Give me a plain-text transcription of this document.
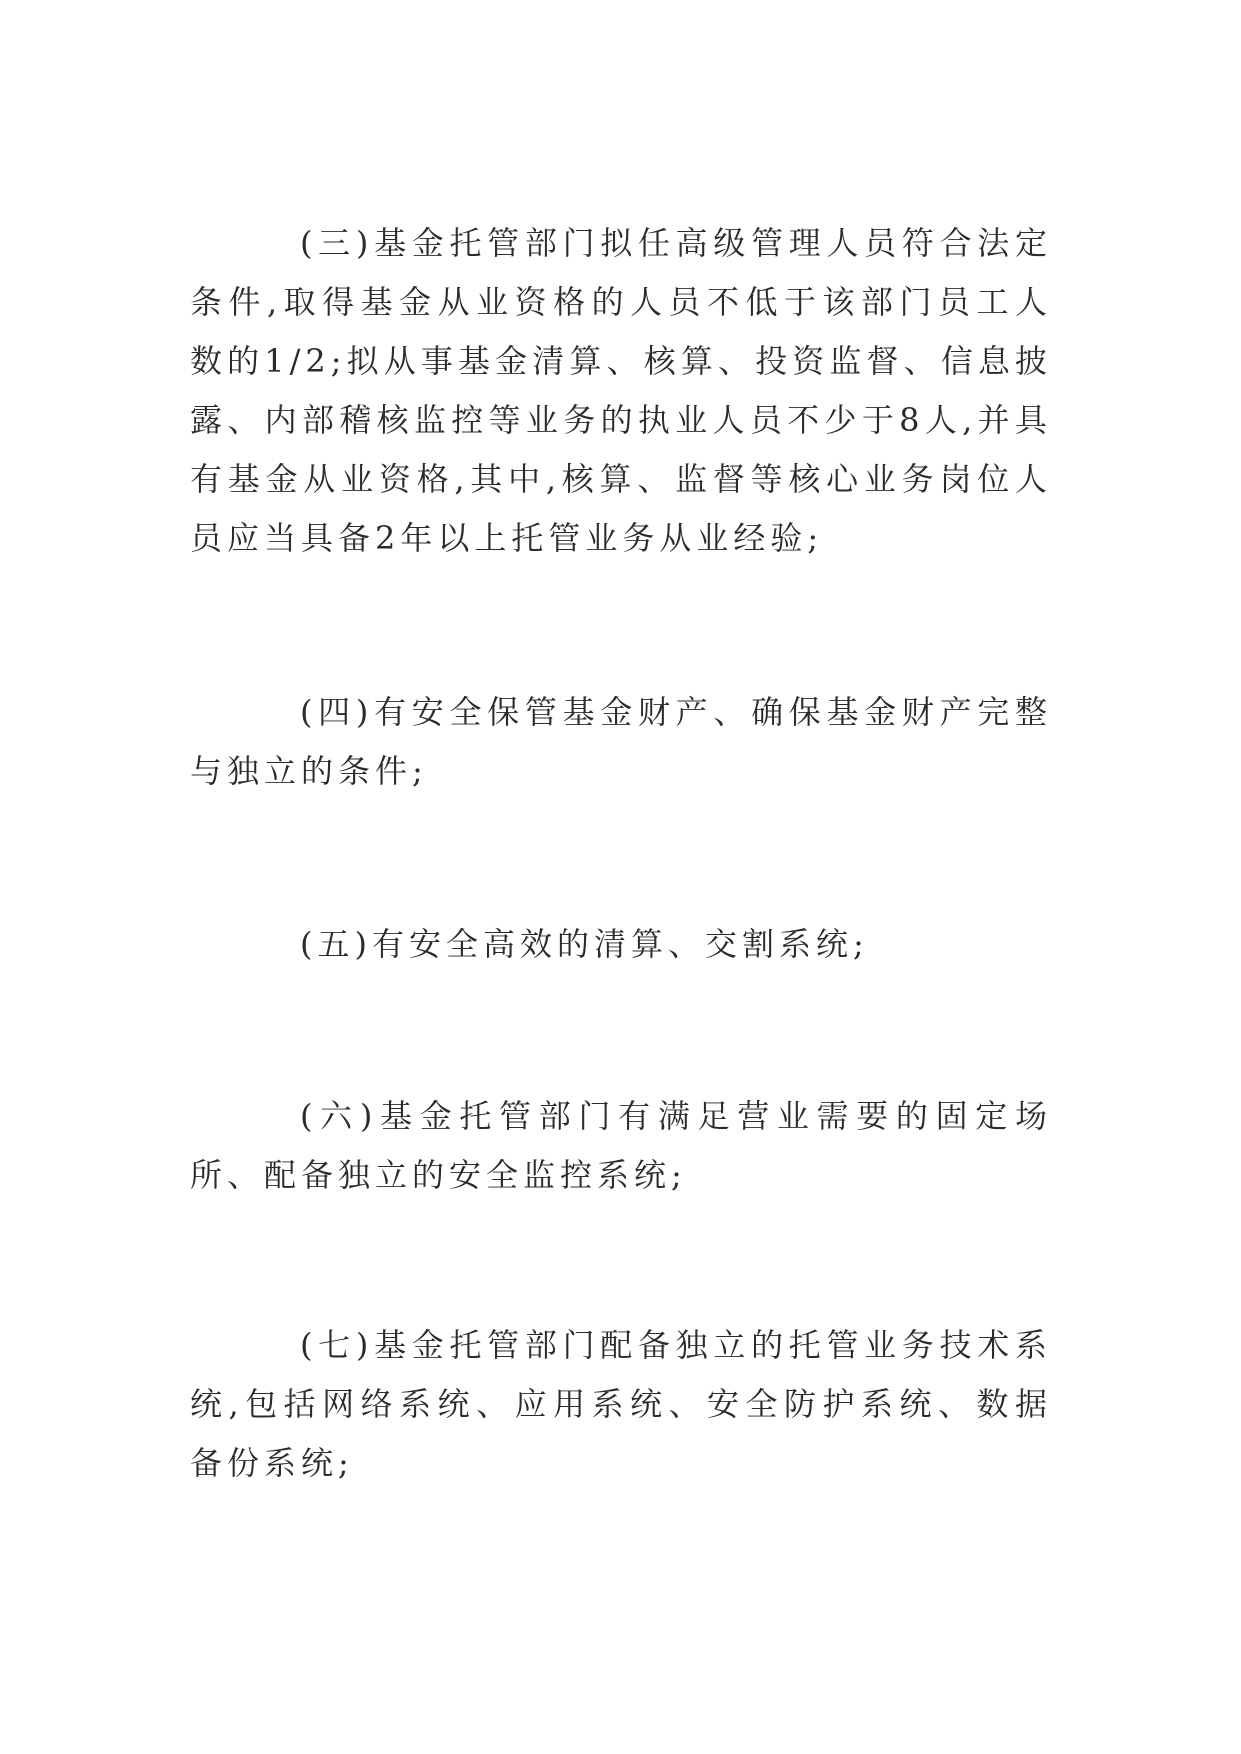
(三)基金托管部门拟任高级管理人员符合法定条件,取得基金从业资格的人员不低于该部门员工人数的1/2;拟从事基金清算、核算、投资监督、信息披露、内部稽核监控等业务的执业人员不少于8人,并具有基金从业资格,其中,核算、监督等核心业务岗位人员应当具备2年以上托管业务从业经验;

(四)有安全保管基金财产、确保基金财产完整与独立的条件;

(五)有安全高效的清算、交割系统;

(六)基金托管部门有满足营业需要的固定场所、配备独立的安全监控系统;

(七)基金托管部门配备独立的托管业务技术系统,包括网络系统、应用系统、安全防护系统、数据备份系统;
